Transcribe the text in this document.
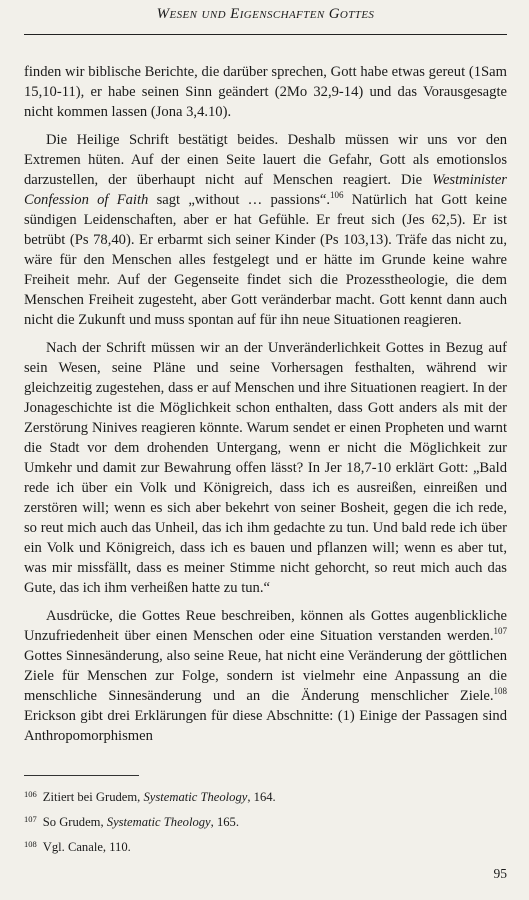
Wesen und Eigenschaften Gottes

finden wir biblische Berichte, die darüber sprechen, Gott habe etwas gereut (1Sam 15,10-11), er habe seinen Sinn geändert (2Mo 32,9-14) und das Vorausgesagte nicht kommen lassen (Jona 3,4.10).

Die Heilige Schrift bestätigt beides. Deshalb müssen wir uns vor den Extremen hüten. Auf der einen Seite lauert die Gefahr, Gott als emotionslos darzustellen, der überhaupt nicht auf Menschen reagiert. Die Westminister Confession of Faith sagt „without … passions“.$^{106}$ Natürlich hat Gott keine sündigen Leidenschaften, aber er hat Gefühle. Er freut sich (Jes 62,5). Er ist betrübt (Ps 78,40). Er erbarmt sich seiner Kinder (Ps 103,13). Träfe das nicht zu, wäre für den Menschen alles festgelegt und er hätte im Grunde keine wahre Freiheit mehr. Auf der Gegenseite findet sich die Prozesstheologie, die dem Menschen Freiheit zugesteht, aber Gott veränderbar macht. Gott kennt dann auch nicht die Zukunft und muss spontan auf für ihn neue Situationen reagieren.

Nach der Schrift müssen wir an der Unveränderlichkeit Gottes in Bezug auf sein Wesen, seine Pläne und seine Vorhersagen festhalten, während wir gleichzeitig zugestehen, dass er auf Menschen und ihre Situationen reagiert. In der Jonageschichte ist die Möglichkeit schon enthalten, dass Gott anders als mit der Zerstörung Ninives reagieren könnte. Warum sendet er einen Propheten und warnt die Stadt vor dem drohenden Untergang, wenn er nicht die Möglichkeit zur Umkehr und damit zur Bewahrung offen lässt? In Jer 18,7-10 erklärt Gott: „Bald rede ich über ein Volk und Königreich, dass ich es ausreißen, einreißen und zerstören will; wenn es sich aber bekehrt von seiner Bosheit, gegen die ich rede, so reut mich auch das Unheil, das ich ihm gedachte zu tun. Und bald rede ich über ein Volk und Königreich, dass ich es bauen und pflanzen will; wenn es aber tut, was mir missfällt, dass es meiner Stimme nicht gehorcht, so reut mich auch das Gute, das ich ihm verheißen hatte zu tun.“

Ausdrücke, die Gottes Reue beschreiben, können als Gottes augenblickliche Unzufriedenheit über einen Menschen oder eine Situation verstanden werden.$^{107}$ Gottes Sinnesänderung, also seine Reue, hat nicht eine Veränderung der göttlichen Ziele für Menschen zur Folge, sondern ist vielmehr eine Anpassung an die menschliche Sinnesänderung und an die Änderung menschlicher Ziele.$^{108}$ Erickson gibt drei Erklärungen für diese Abschnitte: (1) Einige der Passagen sind Anthropomorphismen

$^{106}$ Zitiert bei Grudem, Systematic Theology, 164.
$^{107}$ So Grudem, Systematic Theology, 165.
$^{108}$ Vgl. Canale, 110.
95
